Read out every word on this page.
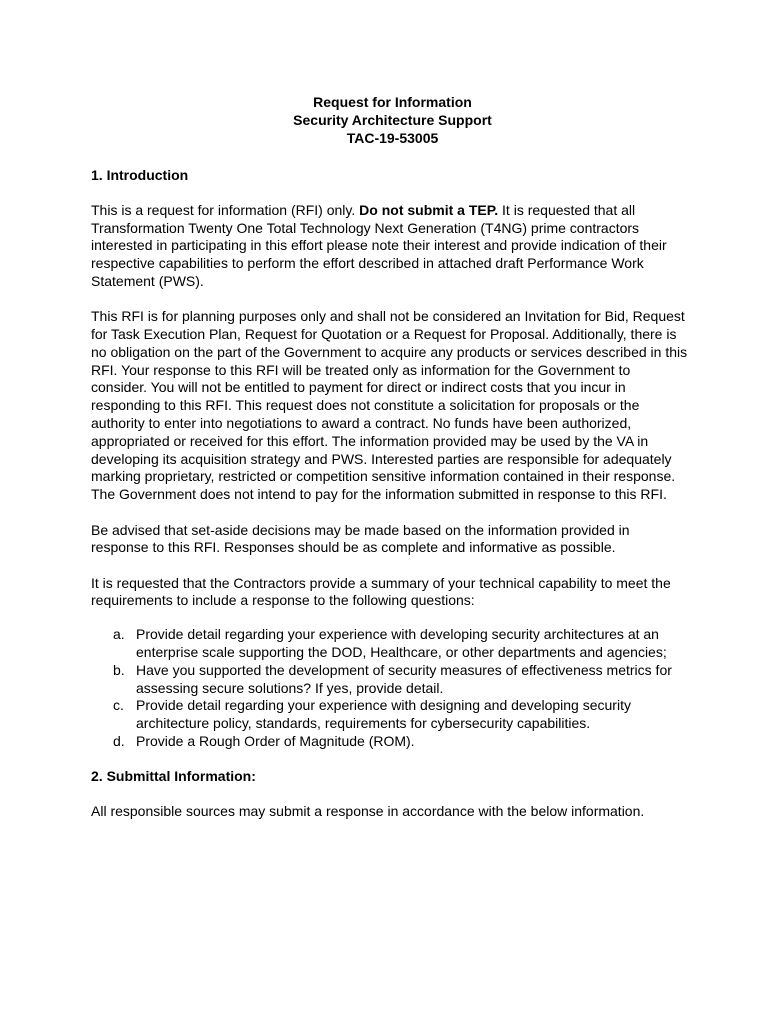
Request for Information
Security Architecture Support
TAC-19-53005
1. Introduction

This is a request for information (RFI) only. Do not submit a TEP. It is requested that all Transformation Twenty One Total Technology Next Generation (T4NG) prime contractors interested in participating in this effort please note their interest and provide indication of their respective capabilities to perform the effort described in attached draft Performance Work Statement (PWS).

This RFI is for planning purposes only and shall not be considered an Invitation for Bid, Request for Task Execution Plan, Request for Quotation or a Request for Proposal. Additionally, there is no obligation on the part of the Government to acquire any products or services described in this RFI. Your response to this RFI will be treated only as information for the Government to consider. You will not be entitled to payment for direct or indirect costs that you incur in responding to this RFI. This request does not constitute a solicitation for proposals or the authority to enter into negotiations to award a contract. No funds have been authorized, appropriated or received for this effort. The information provided may be used by the VA in developing its acquisition strategy and PWS. Interested parties are responsible for adequately marking proprietary, restricted or competition sensitive information contained in their response. The Government does not intend to pay for the information submitted in response to this RFI.

Be advised that set-aside decisions may be made based on the information provided in response to this RFI. Responses should be as complete and informative as possible.

It is requested that the Contractors provide a summary of your technical capability to meet the requirements to include a response to the following questions:

a. Provide detail regarding your experience with developing security architectures at an enterprise scale supporting the DOD, Healthcare, or other departments and agencies;
b. Have you supported the development of security measures of effectiveness metrics for assessing secure solutions? If yes, provide detail.
c. Provide detail regarding your experience with designing and developing security architecture policy, standards, requirements for cybersecurity capabilities.
d. Provide a Rough Order of Magnitude (ROM).
2. Submittal Information:

All responsible sources may submit a response in accordance with the below information.
